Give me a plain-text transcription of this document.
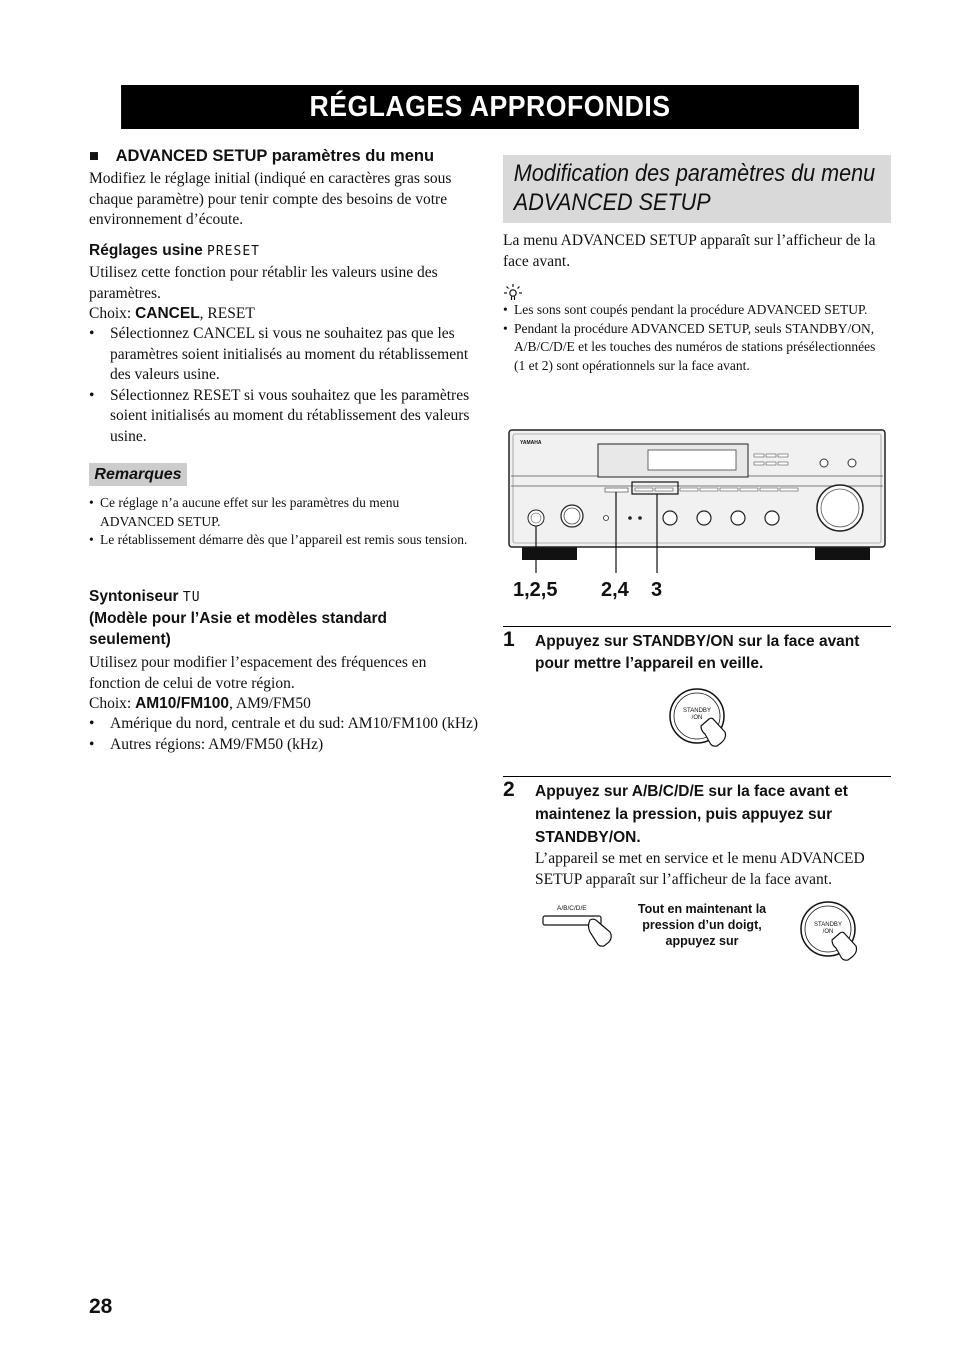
RÉGLAGES APPROFONDIS
■ ADVANCED SETUP paramètres du menu
Modifiez le réglage initial (indiqué en caractères gras sous chaque paramètre) pour tenir compte des besoins de votre environnement d’écoute.
Réglages usine PRESET
Utilisez cette fonction pour rétablir les valeurs usine des paramètres.
Choix: CANCEL, RESET
• Sélectionnez CANCEL si vous ne souhaitez pas que les paramètres soient initialisés au moment du rétablissement des valeurs usine.
• Sélectionnez RESET si vous souhaitez que les paramètres soient initialisés au moment du rétablissement des valeurs usine.
Remarques
• Ce réglage n’a aucune effet sur les paramètres du menu ADVANCED SETUP.
• Le rétablissement démarre dès que l’appareil est remis sous tension.
Syntoniseur TU
(Modèle pour l’Asie et modèles standard seulement)
Utilisez pour modifier l’espacement des fréquences en fonction de celui de votre région.
Choix: AM10/FM100, AM9/FM50
• Amérique du nord, centrale et du sud: AM10/FM100 (kHz)
• Autres régions: AM9/FM50 (kHz)
Modification des paramètres du menu ADVANCED SETUP
La menu ADVANCED SETUP apparaît sur l’afficheur de la face avant.
• Les sons sont coupés pendant la procédure ADVANCED SETUP.
• Pendant la procédure ADVANCED SETUP, seuls STANDBY/ON, A/B/C/D/E et les touches des numéros de stations présélectionnées (1 et 2) sont opérationnels sur la face avant.
YAMAHA
1,2,5 2,4 3
1 Appuyez sur STANDBY/ON sur la face avant pour mettre l’appareil en veille.
STANDBY
/ON
2 Appuyez sur A/B/C/D/E sur la face avant et maintenez la pression, puis appuyez sur STANDBY/ON.
L’appareil se met en service et le menu ADVANCED SETUP apparaît sur l’afficheur de la face avant.
A/B/C/D/E	Tout en maintenant la pression d’un doigt, appuyez sur
STANDBY
/ON
28
